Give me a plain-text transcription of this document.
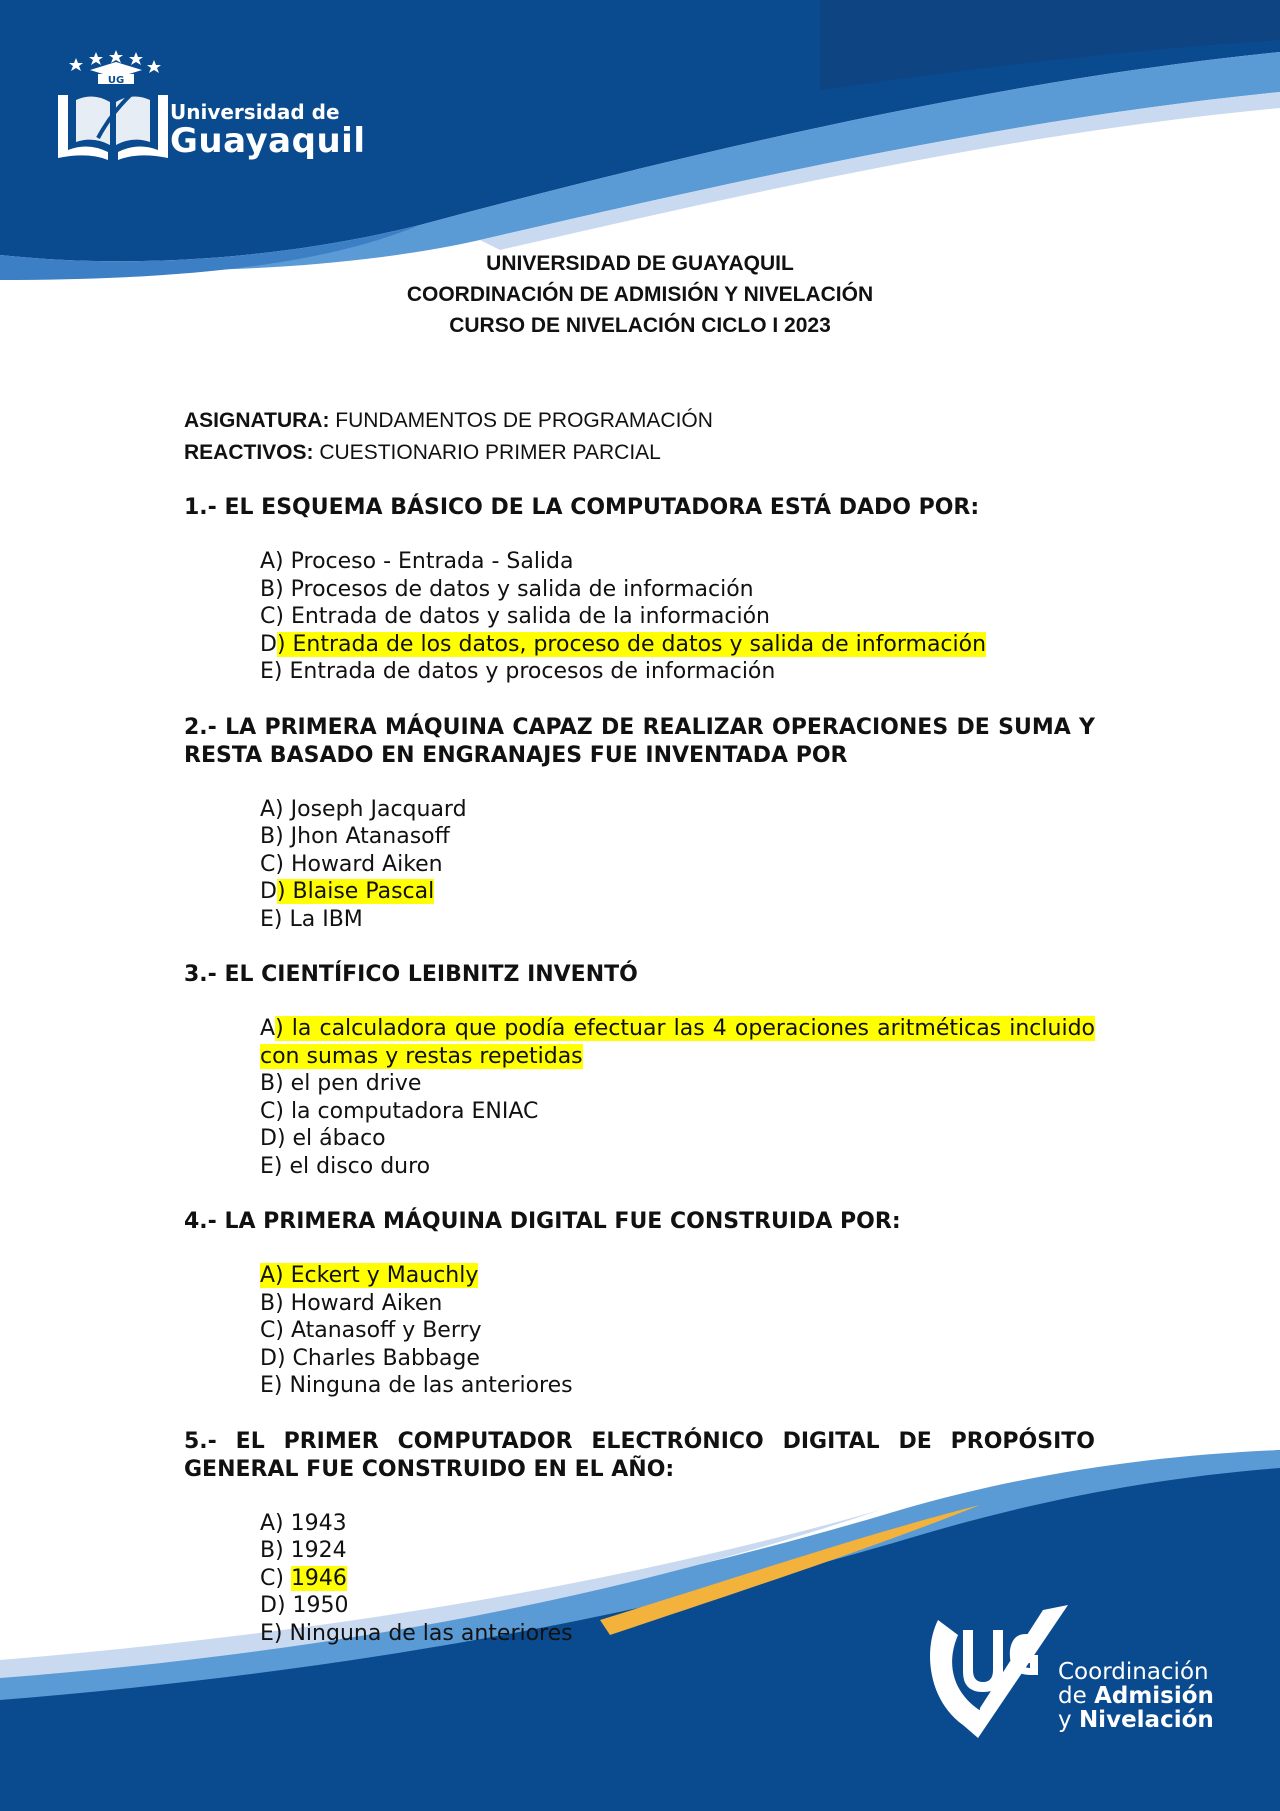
UG
Universidad de
Guayaquil
Coordinación
de Admisión
y Nivelación
UNIVERSIDAD DE GUAYAQUIL
COORDINACIÓN DE ADMISIÓN Y NIVELACIÓN
CURSO DE NIVELACIÓN CICLO I 2023
ASIGNATURA: FUNDAMENTOS DE PROGRAMACIÓN
REACTIVOS: CUESTIONARIO PRIMER PARCIAL
1.- EL ESQUEMA BÁSICO DE LA COMPUTADORA ESTÁ DADO POR:
A) Proceso - Entrada - Salida
B) Procesos de datos y salida de información
C) Entrada de datos y salida de la información
D) Entrada de los datos, proceso de datos y salida de información
E) Entrada de datos y procesos de información
2.- LA PRIMERA MÁQUINA CAPAZ DE REALIZAR OPERACIONES DE SUMA Y RESTA BASADO EN ENGRANAJES FUE INVENTADA POR
A) Joseph Jacquard
B) Jhon Atanasoff
C) Howard Aiken
D) Blaise Pascal
E) La IBM
3.- EL CIENTÍFICO LEIBNITZ INVENTÓ
A) la calculadora que podía efectuar las 4 operaciones aritméticas incluido con sumas y restas repetidas
B) el pen drive
C) la computadora ENIAC
D) el ábaco
E) el disco duro
4.- LA PRIMERA MÁQUINA DIGITAL FUE CONSTRUIDA POR:
A) Eckert y Mauchly
B) Howard Aiken
C) Atanasoff y Berry
D) Charles Babbage
E) Ninguna de las anteriores
5.- EL PRIMER COMPUTADOR ELECTRÓNICO DIGITAL DE PROPÓSITO GENERAL FUE CONSTRUIDO EN EL AÑO:
A) 1943
B) 1924
C) 1946
D) 1950
E) Ninguna de las anteriores
